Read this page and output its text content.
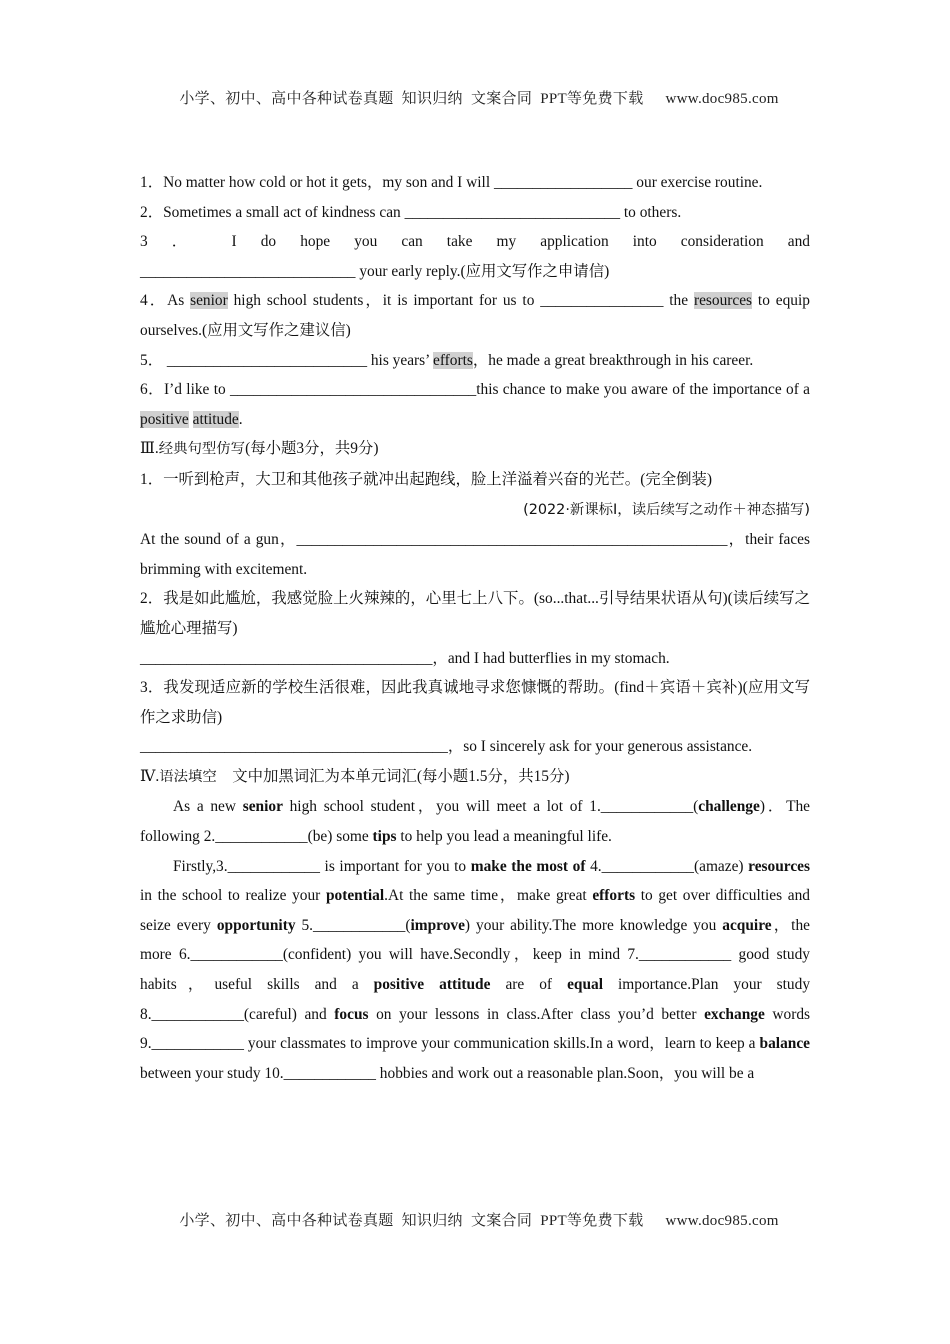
小学、初中、高中各种试卷真题  知识归纳  文案合同  PPT等免费下载 www.doc985.com

1．No matter how cold or hot it gets，my son and I will __________________ our exercise routine.

2．Sometimes a small act of kindness can ____________________________ to others.

3 ． I do hope you can take my application into consideration and

____________________________ your early reply.(应用文写作之申请信)

4．As senior high school students，it is important for us to ________________ the resources to equip ourselves.(应用文写作之建议信)

5． __________________________ his years’ efforts，he made a great breakthrough in his career.

6．I’d like to ________________________________this chance to make you aware of the importance of a positive attitude.

Ⅲ.经典句型仿写(每小题3分，共9分)

1．一听到枪声，大卫和其他孩子就冲出起跑线，脸上洋溢着兴奋的光芒。(完全倒装)

(2022·新课标Ⅰ，读后续写之动作＋神态描写)

At the sound of a gun，________________________________________________________，their faces brimming with excitement.

2．我是如此尴尬，我感觉脸上火辣辣的，心里七上八下。(so...that...引导结果状语从句)(读后续写之尴尬心理描写)

______________________________________，and I had butterflies in my stomach.

3．我发现适应新的学校生活很难，因此我真诚地寻求您慷慨的帮助。(find＋宾语＋宾补)(应用文写作之求助信)

________________________________________，so I sincerely ask for your generous assistance.

Ⅳ.语法填空　文中加黑词汇为本单元词汇(每小题1.5分，共15分)

As a new senior high school student，you will meet a lot of 1.____________(challenge)．The following 2.____________(be) some tips to help you lead a meaningful life.

Firstly,3.____________ is important for you to make the most of 4.____________(amaze) resources in the school to realize your potential.At the same time，make great efforts to get over difficulties and seize every opportunity 5.____________(improve) your ability.The more knowledge you acquire，the more 6.____________(confident) you will have.Secondly，keep in mind 7.____________ good study habits，useful skills and a positive attitude are of equal importance.Plan your study 8.____________(careful) and focus on your lessons in class.After class you’d better exchange words 9.____________ your classmates to improve your communication skills.In a word，learn to keep a balance between your study 10.____________ hobbies and work out a reasonable plan.Soon，you will be a

小学、初中、高中各种试卷真题  知识归纳  文案合同  PPT等免费下载 www.doc985.com
